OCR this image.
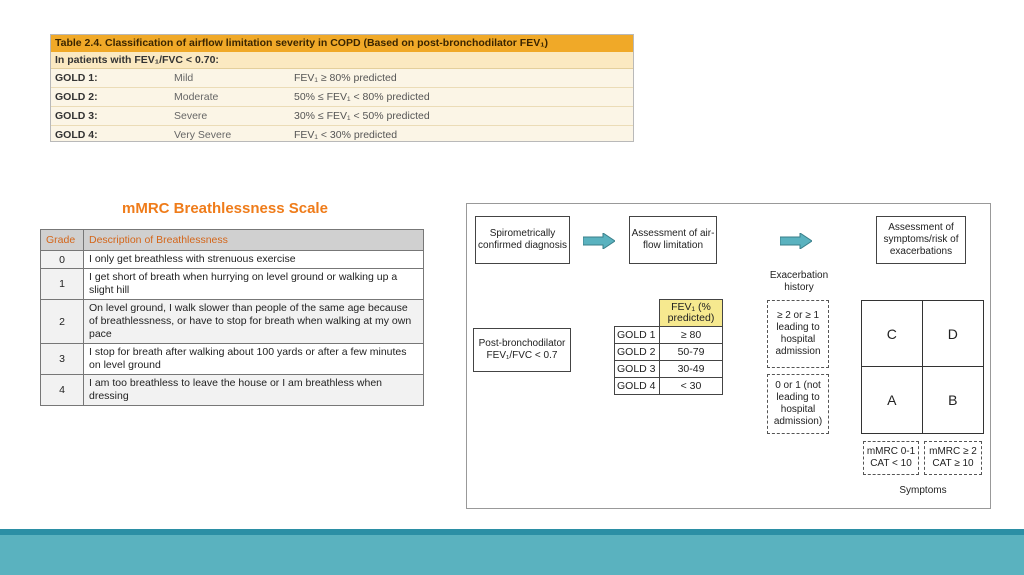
Table 2.4. Classification of airflow limitation severity in COPD (Based on post-bronchodilator FEV₁)
In patients with FEV₁/FVC < 0.70:
GOLD 1:	Mild	FEV₁ ≥ 80% predicted
GOLD 2:	Moderate	50% ≤ FEV₁ < 80% predicted
GOLD 3:	Severe	30% ≤ FEV₁ < 50% predicted
GOLD 4:	Very Severe	FEV₁ < 30% predicted
mMRC Breathlessness Scale
Grade	Description of Breathlessness
0	I only get breathless with strenuous exercise
1	I get short of breath when hurrying on level ground or walking up a slight hill
2	On level ground, I walk slower than people of the same age because of breathlessness, or have to stop for breath when walking at my own pace
3	I stop for breath after walking about 100 yards or after a few minutes on level ground
4	I am too breathless to leave the house or I am breathless when dressing
Spirometrically confirmed diagnosis
Assessment of air-flow limitation
Assessment of symptoms/risk of exacerbations
Post-bronchodilator FEV₁/FVC < 0.7
	FEV₁ (% predicted)
GOLD 1	≥ 80
GOLD 2	50-79
GOLD 3	30-49
GOLD 4	< 30
Exacerbation history
≥ 2 or ≥ 1 leading to hospital admission
0 or 1 (not leading to hospital admission)
C	D
A	B
mMRC 0-1 CAT < 10
mMRC ≥ 2 CAT ≥ 10
Symptoms
